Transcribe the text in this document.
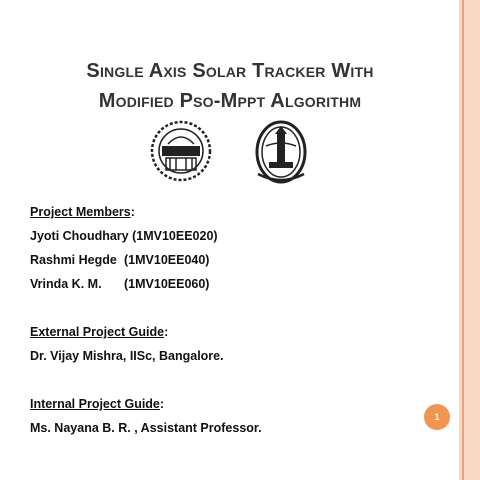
Single Axis Solar Tracker With
Modified Pso-Mppt Algorithm
Project Members:
Jyoti Choudhary (1MV10EE020)
Rashmi Hegde (1MV10EE040)
Vrinda K. M. (1MV10EE060)
External Project Guide:
Dr. Vijay Mishra, IISc, Bangalore.
Internal Project Guide:
Ms. Nayana B. R. , Assistant Professor.
1
